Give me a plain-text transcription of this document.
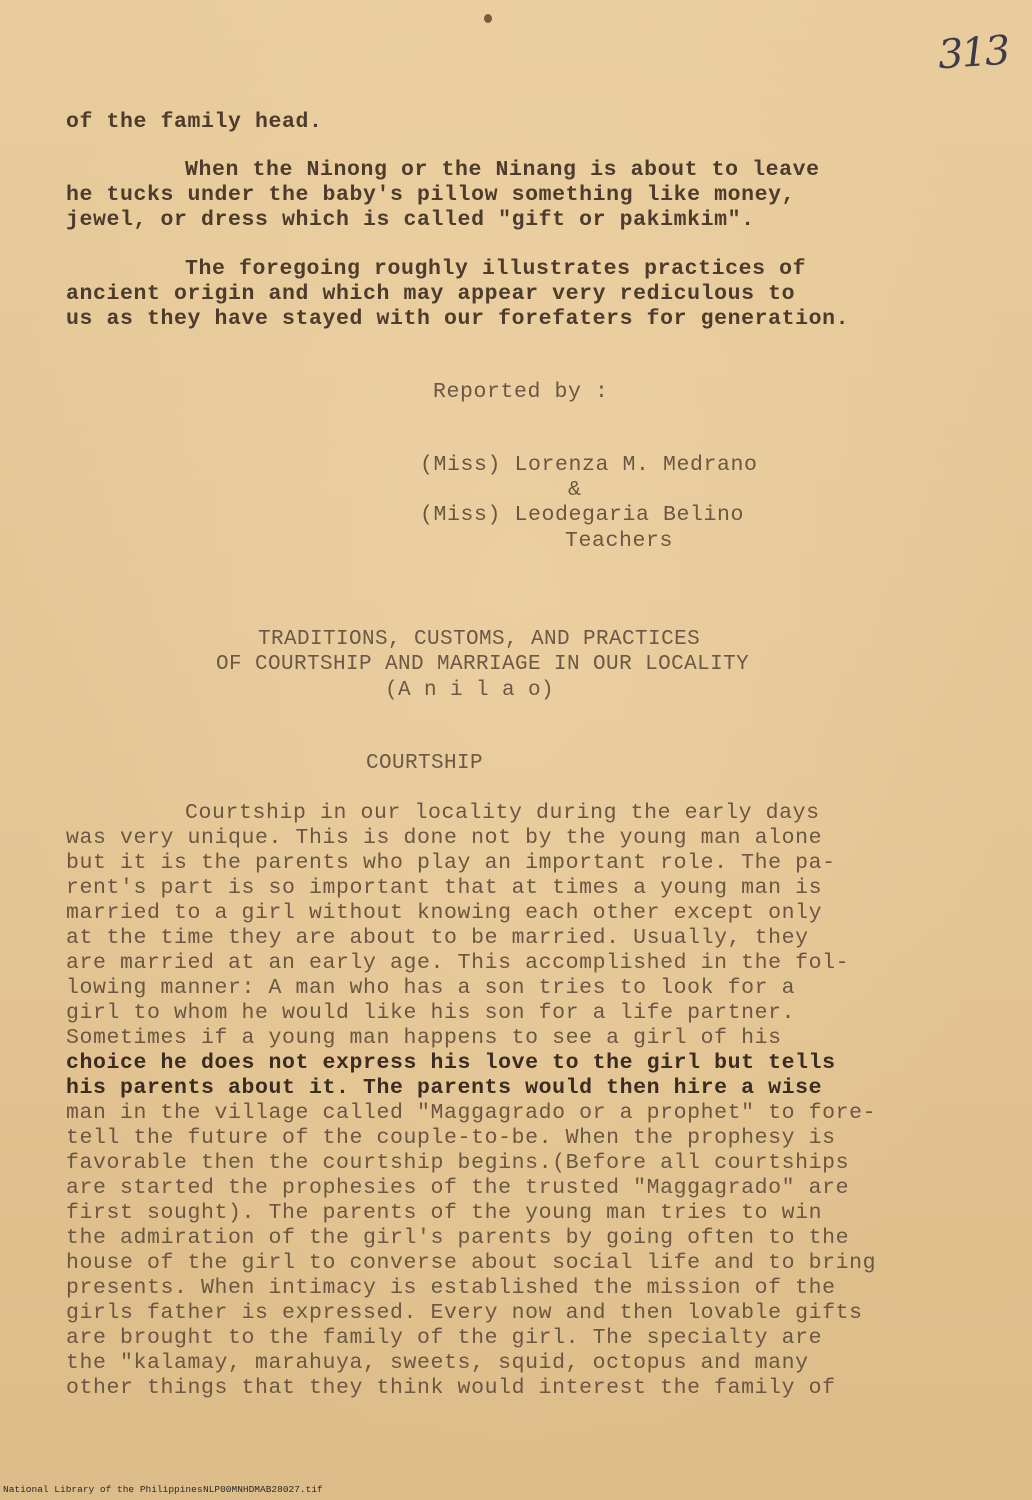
313
of the family head.
When the Ninong or the Ninang is about to leave
he tucks under the baby's pillow something like money,
jewel, or dress which is called "gift or pakimkim".
The foregoing roughly illustrates practices of
ancient origin and which may appear very rediculous to
us as they have stayed with our forefaters for generation.
Reported by :
(Miss) Lorenza M. Medrano
&
(Miss) Leodegaria Belino
Teachers
TRADITIONS, CUSTOMS, AND PRACTICES
OF COURTSHIP AND MARRIAGE IN OUR LOCALITY
(A n i l a o)
COURTSHIP
Courtship in our locality during the early days
was very unique. This is done not by the young man alone
but it is the parents who play an important role. The pa-
rent's part is so important that at times a young man is
married to a girl without knowing each other except only
at the time they are about to be married. Usually, they
are married at an early age. This accomplished in the fol-
lowing manner: A man who has a son tries to look for a
girl to whom he would like his son for a life partner.
Sometimes if a young man happens to see a girl of his
choice he does not express his love to the girl but tells
his parents about it. The parents would then hire a wise
man in the village called "Maggagrado or a prophet" to fore-
tell the future of the couple-to-be. When the prophesy is
favorable then the courtship begins.(Before all courtships
are started the prophesies of the trusted "Maggagrado" are
first sought). The parents of the young man tries to win
the admiration of the girl's parents by going often to the
house of the girl to converse about social life and to bring
presents. When intimacy is established the mission of the
girls father is expressed. Every now and then lovable gifts
are brought to the family of the girl. The specialty are
the "kalamay, marahuya, sweets, squid, octopus and many
other things that they think would interest the family of
National Library of the Philippines NLP00MNHDMAB28027.tif
